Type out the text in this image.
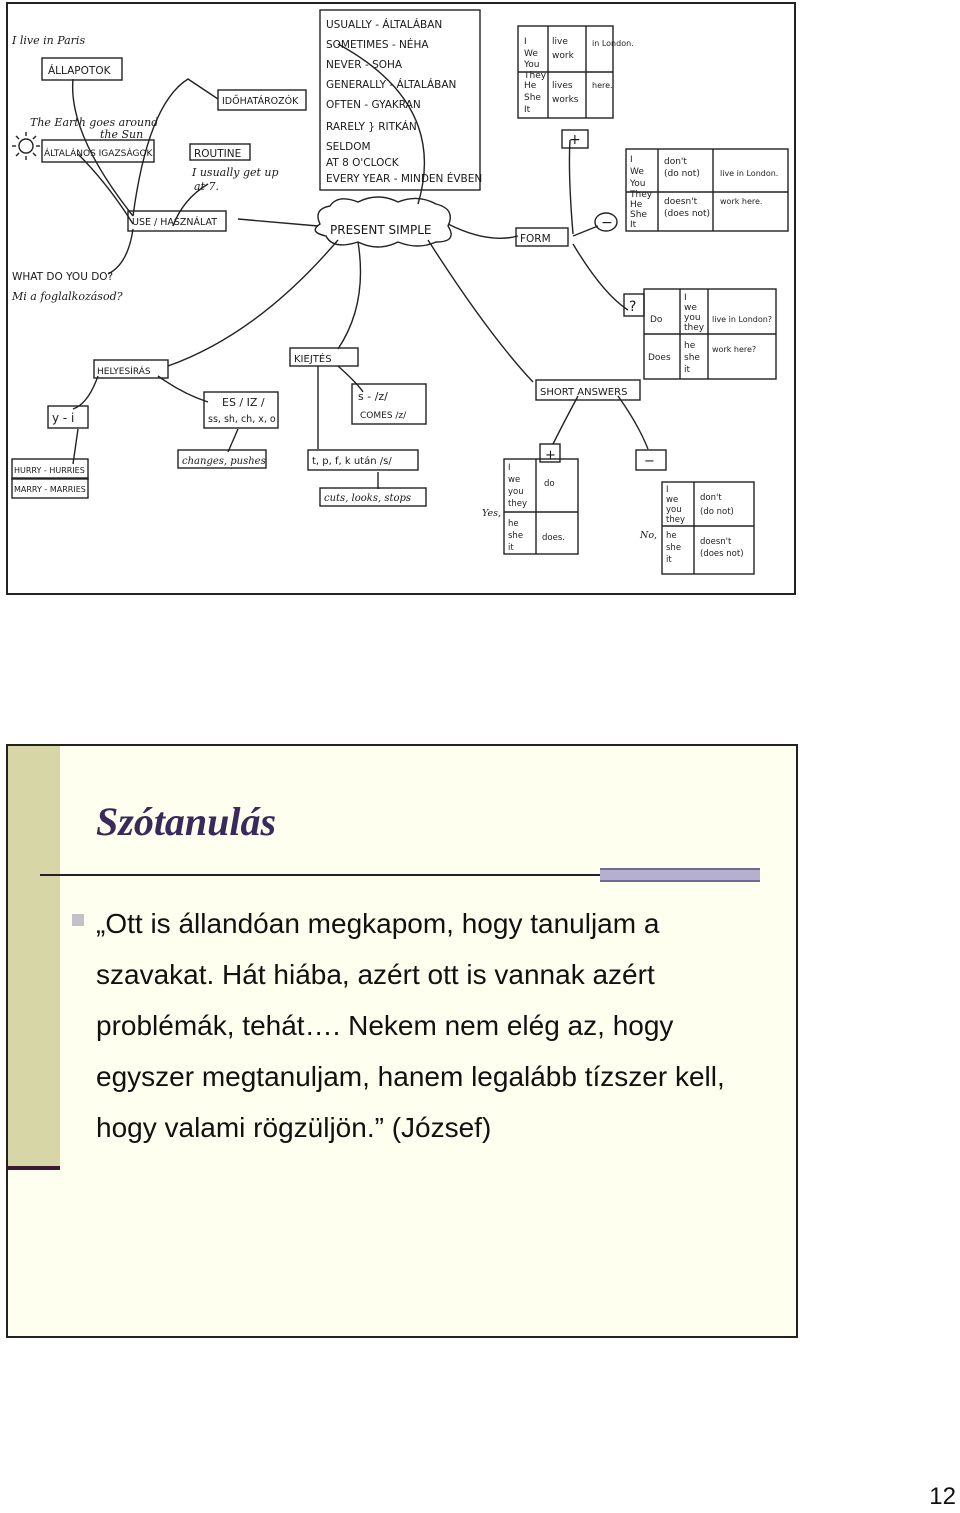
PRESENT SIMPLE
USUALLY - ÁLTALÁBAN SOMETIMES - NÉHA NEVER - SOHA GENERALLY - ÁLTALÁBAN OFTEN - GYAKRAN RARELY } RITKÁN SELDOM AT 8 O'CLOCK EVERY YEAR - MINDEN ÉVBEN
USE / HASZNÁLAT
I live in Paris
ÁLLAPOTOK
The Earth goes around
the Sun
ÁLTALÁNOS IGAZSÁGOK
IDŐHATÁROZÓK
ROUTINE
I usually get up
at 7.
WHAT DO YOU DO?
Mi a foglalkozásod?
FORM
+
−
?
I We You They live work in London. He She It lives works here.
I We You They don't (do not)	live in London. He She It doesn't (does not) work here.
Do I we you they live in London? Does he she it work here?
HELYESÍRÁS
y - i
HURRY - HURRIES
MARRY - MARRIES
ES / IZ /
ss, sh, ch, x, o
changes, pushes
KIEJTÉS
s - /z/
COMES /z/
t, p, f, k után /s/
cuts, looks, stops
SHORT ANSWERS
+	−
Yes,
No,
I we you they do he she it does. I we you they don't (do not) he she it doesn't (does not)
Szótanulás

„Ott is állandóan megkapom, hogy tanuljam a szavakat. Hát hiába, azért ott is vannak azért problémák, tehát…. Nekem nem elég az, hogy egyszer megtanuljam, hanem legalább tízszer kell, hogy valami rögzüljön.” (József)

12
